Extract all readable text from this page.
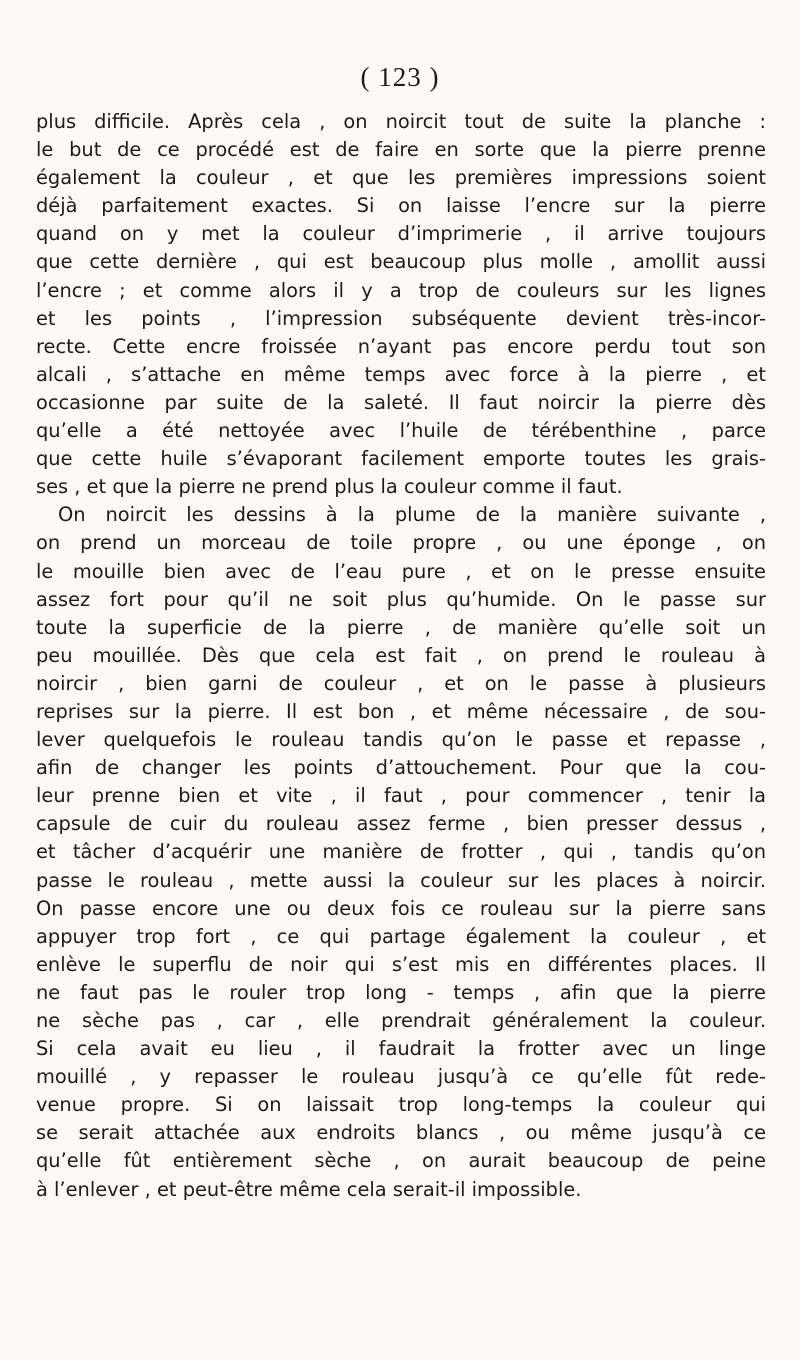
( 123 )
plus difficile. Après cela , on noircit tout de suite la planche :
le but de ce procédé est de faire en sorte que la pierre prenne
également la couleur , et que les premières impressions soient
déjà parfaitement exactes. Si on laisse l’encre sur la pierre
quand on y met la couleur d’imprimerie , il arrive toujours
que cette dernière , qui est beaucoup plus molle , amollit aussi
l’encre ; et comme alors il y a trop de couleurs sur les lignes
et les points , l’impression subséquente devient très-incor-
recte. Cette encre froissée n’ayant pas encore perdu tout son
alcali , s’attache en même temps avec force à la pierre , et
occasionne par suite de la saleté. Il faut noircir la pierre dès
qu’elle a été nettoyée avec l’huile de térébenthine , parce
que cette huile s’évaporant facilement emporte toutes les grais-
ses , et que la pierre ne prend plus la couleur comme il faut.
On noircit les dessins à la plume de la manière suivante ,
on prend un morceau de toile propre , ou une éponge , on
le mouille bien avec de l’eau pure , et on le presse ensuite
assez fort pour qu’il ne soit plus qu’humide. On le passe sur
toute la superficie de la pierre , de manière qu’elle soit un
peu mouillée. Dès que cela est fait , on prend le rouleau à
noircir , bien garni de couleur , et on le passe à plusieurs
reprises sur la pierre. Il est bon , et même nécessaire , de sou-
lever quelquefois le rouleau tandis qu’on le passe et repasse ,
afin de changer les points d’attouchement. Pour que la cou-
leur prenne bien et vite , il faut , pour commencer , tenir la
capsule de cuir du rouleau assez ferme , bien presser dessus ,
et tâcher d’acquérir une manière de frotter , qui , tandis qu’on
passe le rouleau , mette aussi la couleur sur les places à noircir.
On passe encore une ou deux fois ce rouleau sur la pierre sans
appuyer trop fort , ce qui partage également la couleur , et
enlève le superflu de noir qui s’est mis en différentes places. Il
ne faut pas le rouler trop long - temps , afin que la pierre
ne sèche pas , car , elle prendrait généralement la couleur.
Si cela avait eu lieu , il faudrait la frotter avec un linge
mouillé , y repasser le rouleau jusqu’à ce qu’elle fût rede-
venue propre. Si on laissait trop long-temps la couleur qui
se serait attachée aux endroits blancs , ou même jusqu’à ce
qu’elle fût entièrement sèche , on aurait beaucoup de peine
à l’enlever , et peut-être même cela serait-il impossible.
